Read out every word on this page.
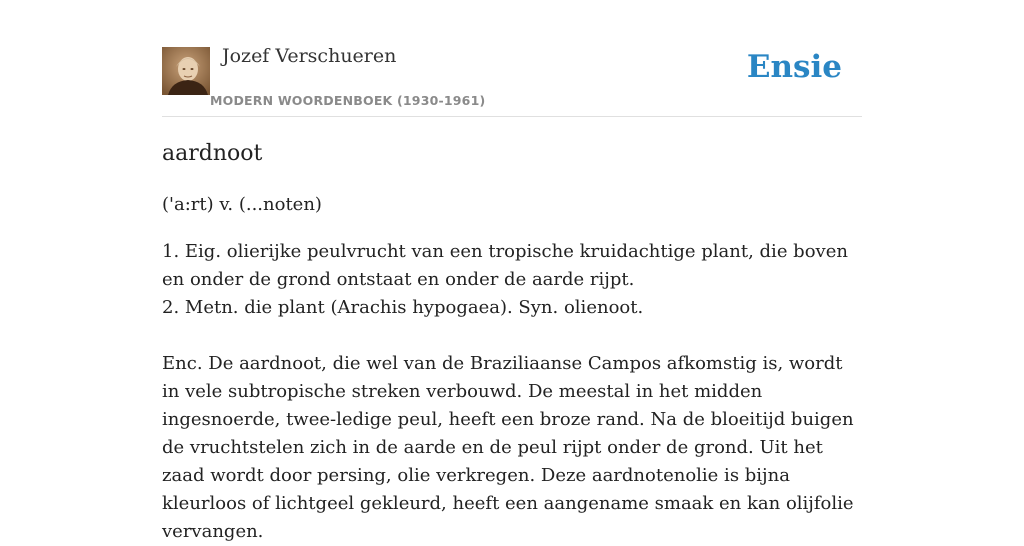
Jozef Verschueren
MODERN WOORDENBOEK (1930-1961)
Ensie
aardnoot
('a:rt) v. (...noten)

1. Eig. olierijke peulvrucht van een tropische kruidachtige plant, die boven en onder de grond ontstaat en onder de aarde rijpt.

2. Metn. die plant (Arachis hypogaea). Syn. olienoot.

Enc. De aardnoot, die wel van de Braziliaanse Campos afkomstig is, wordt in vele subtropische streken verbouwd. De meestal in het midden ingesnoerde, twee-ledige peul, heeft een broze rand. Na de bloeitijd buigen de vruchtstelen zich in de aarde en de peul rijpt onder de grond. Uit het zaad wordt door persing, olie verkregen. Deze aardnotenolie is bijna kleurloos of lichtgeel gekleurd, heeft een aangename smaak en kan olijfolie vervangen.
